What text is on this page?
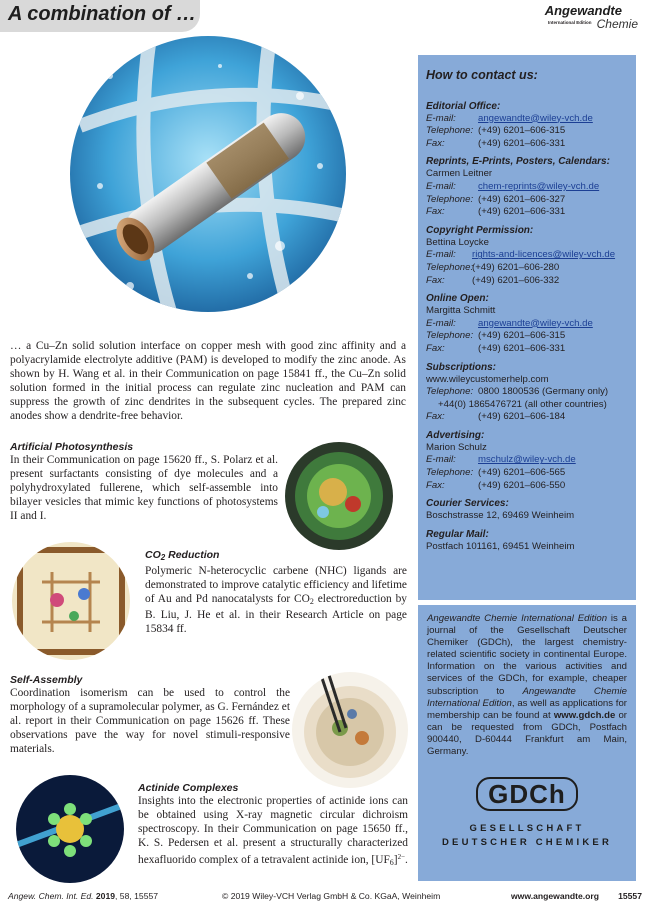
A combination of …	Angewandte
International Edition Chemie

… a Cu–Zn solid solution interface on copper mesh with good zinc affinity and a polyacrylamide electrolyte additive (PAM) is developed to modify the zinc anode. As shown by H. Wang et al. in their Communication on page 15841 ff., the Cu–Zn solid solution formed in the initial process can regulate zinc nucleation and PAM can suppress the growth of zinc dendrites in the subsequent cycles. The prepared zinc anodes show a dendrite-free behavior.

Artificial Photosynthesis

In their Communication on page 15620 ff., S. Polarz et al. present surfactants consisting of dye molecules and a polyhydroxylated fullerene, which self-assemble into bilayer vesicles that mimic key functions of photosystems II and I.

$CO_2$ Reduction

Polymeric N-heterocyclic carbene (NHC) ligands are demonstrated to improve catalytic efficiency and lifetime of Au and Pd nanocatalysts for $CO_2$ electroreduction by B. Liu, J. He et al. in their Research Article on page 15834 ff.

Self-Assembly

Coordination isomerism can be used to control the morphology of a supramolecular polymer, as G. Fernández et al. report in their Communication on page 15626 ff. These observations pave the way for novel stimuli-responsive materials.

Actinide Complexes

Insights into the electronic properties of actinide ions can be obtained using X-ray magnetic circular dichroism spectroscopy. In their Communication on page 15650 ff., K. S. Pedersen et al. present a structurally characterized hexafluorido complex of a tetravalent actinide ion, $[UF_6]^{2-}$.

How to contact us:
Editorial Office:
E-mail:	angewandte@wiley-vch.de
Telephone: (+49) 6201–606-315
Fax:	(+49) 6201–606-331
Reprints, E-Prints, Posters, Calendars:
Carmen Leitner
E-mail:	chem-reprints@wiley-vch.de
Telephone: (+49) 6201–606-327
Fax:	(+49) 6201–606-331
Copyright Permission:
Bettina Loycke
E-mail:	rights-and-licences@wiley-vch.de
Telephone:
(+49) 6201–606-280
Fax:	(+49) 6201–606-332
Online Open:
Margitta Schmitt
E-mail:	angewandte@wiley-vch.de
Telephone: (+49) 6201–606-315
Fax:	(+49) 6201–606-331
Subscriptions:
www.wileycustomerhelp.com
Telephone: 0800 1800536 (Germany only)
+44(0) 1865476721 (all other countries)
Fax:	(+49) 6201–606-184
Advertising:
Marion Schulz
E-mail:	mschulz@wiley-vch.de
Telephone: (+49) 6201–606-565
Fax:	(+49) 6201–606-550
Courier Services:
Boschstrasse 12, 69469 Weinheim
Regular Mail:
Postfach 101161, 69451 Weinheim

Angewandte Chemie International Edition is a journal of the Gesellschaft Deutscher Chemiker (GDCh), the largest chemistry-related scientific society in continental Europe. Information on the various activities and services of the GDCh, for example, cheaper subscription to Angewandte Chemie International Edition, as well as applications for membership can be found at www.gdch.de or can be requested from GDCh, Postfach 900440, D-60444 Frankfurt am Main, Germany.

GDCh
GESELLSCHAFT
DEUTSCHER CHEMIKER
Angew. Chem. Int. Ed. 2019, 58, 15557	© 2019 Wiley-VCH Verlag GmbH & Co. KGaA, Weinheim	www.angewandte.org 15557
